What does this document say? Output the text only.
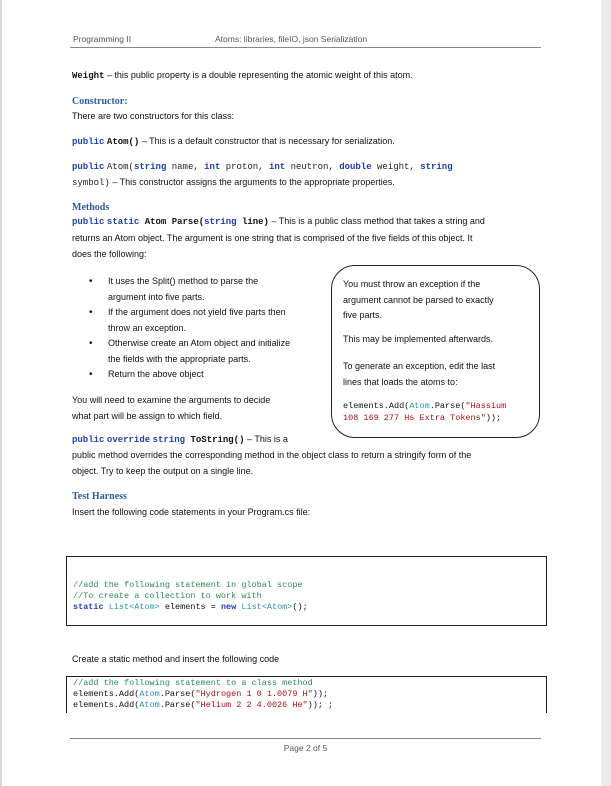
Programming II	Atoms: libraries, fileIO, json Serialization
Weight – this public property is a double representing the atomic weight of this atom.
Constructor:
There are two constructors for this class:
public Atom() – This is a default constructor that is necessary for serialization.
public Atom(string name, int proton, int neutron, double weight, string
symbol) – This constructor assigns the arguments to the appropriate properties.
Methods
public static Atom Parse(string line) – This is a public class method that takes a string and
returns an Atom object. The argument is one string that is comprised of the five fields of this object. It
does the following:
• It uses the Split() method to parse the
argument into five parts.
• If the argument does not yield five parts then
throw an exception.
• Otherwise create an Atom object and initialize
the fields with the appropriate parts.
• Return the above object
You will need to examine the arguments to decide
what part will be assign to which field.
You must throw an exception if the
argument cannot be parsed to exactly
five parts.
This may be implemented afterwards.
To generate an exception, edit the last
lines that loads the atoms to:
elements.Add(Atom.Parse("Hassium
108 169 277 Hs Extra Tokens"));
public override string ToString() – This is a
public method overrides the corresponding method in the object class to return a stringify form of the
object. Try to keep the output on a single line.
Test Harness
Insert the following code statements in your Program.cs file:
//add the following statement in global scope
//To create a collection to work with
static List<Atom> elements = new List<Atom>();
Create a static method and insert the following code
//add the following statement to a class method
elements.Add(Atom.Parse("Hydrogen 1 0 1.0079 H"));
elements.Add(Atom.Parse("Helium 2 2 4.0026 He")); ;
Page 2 of 5
